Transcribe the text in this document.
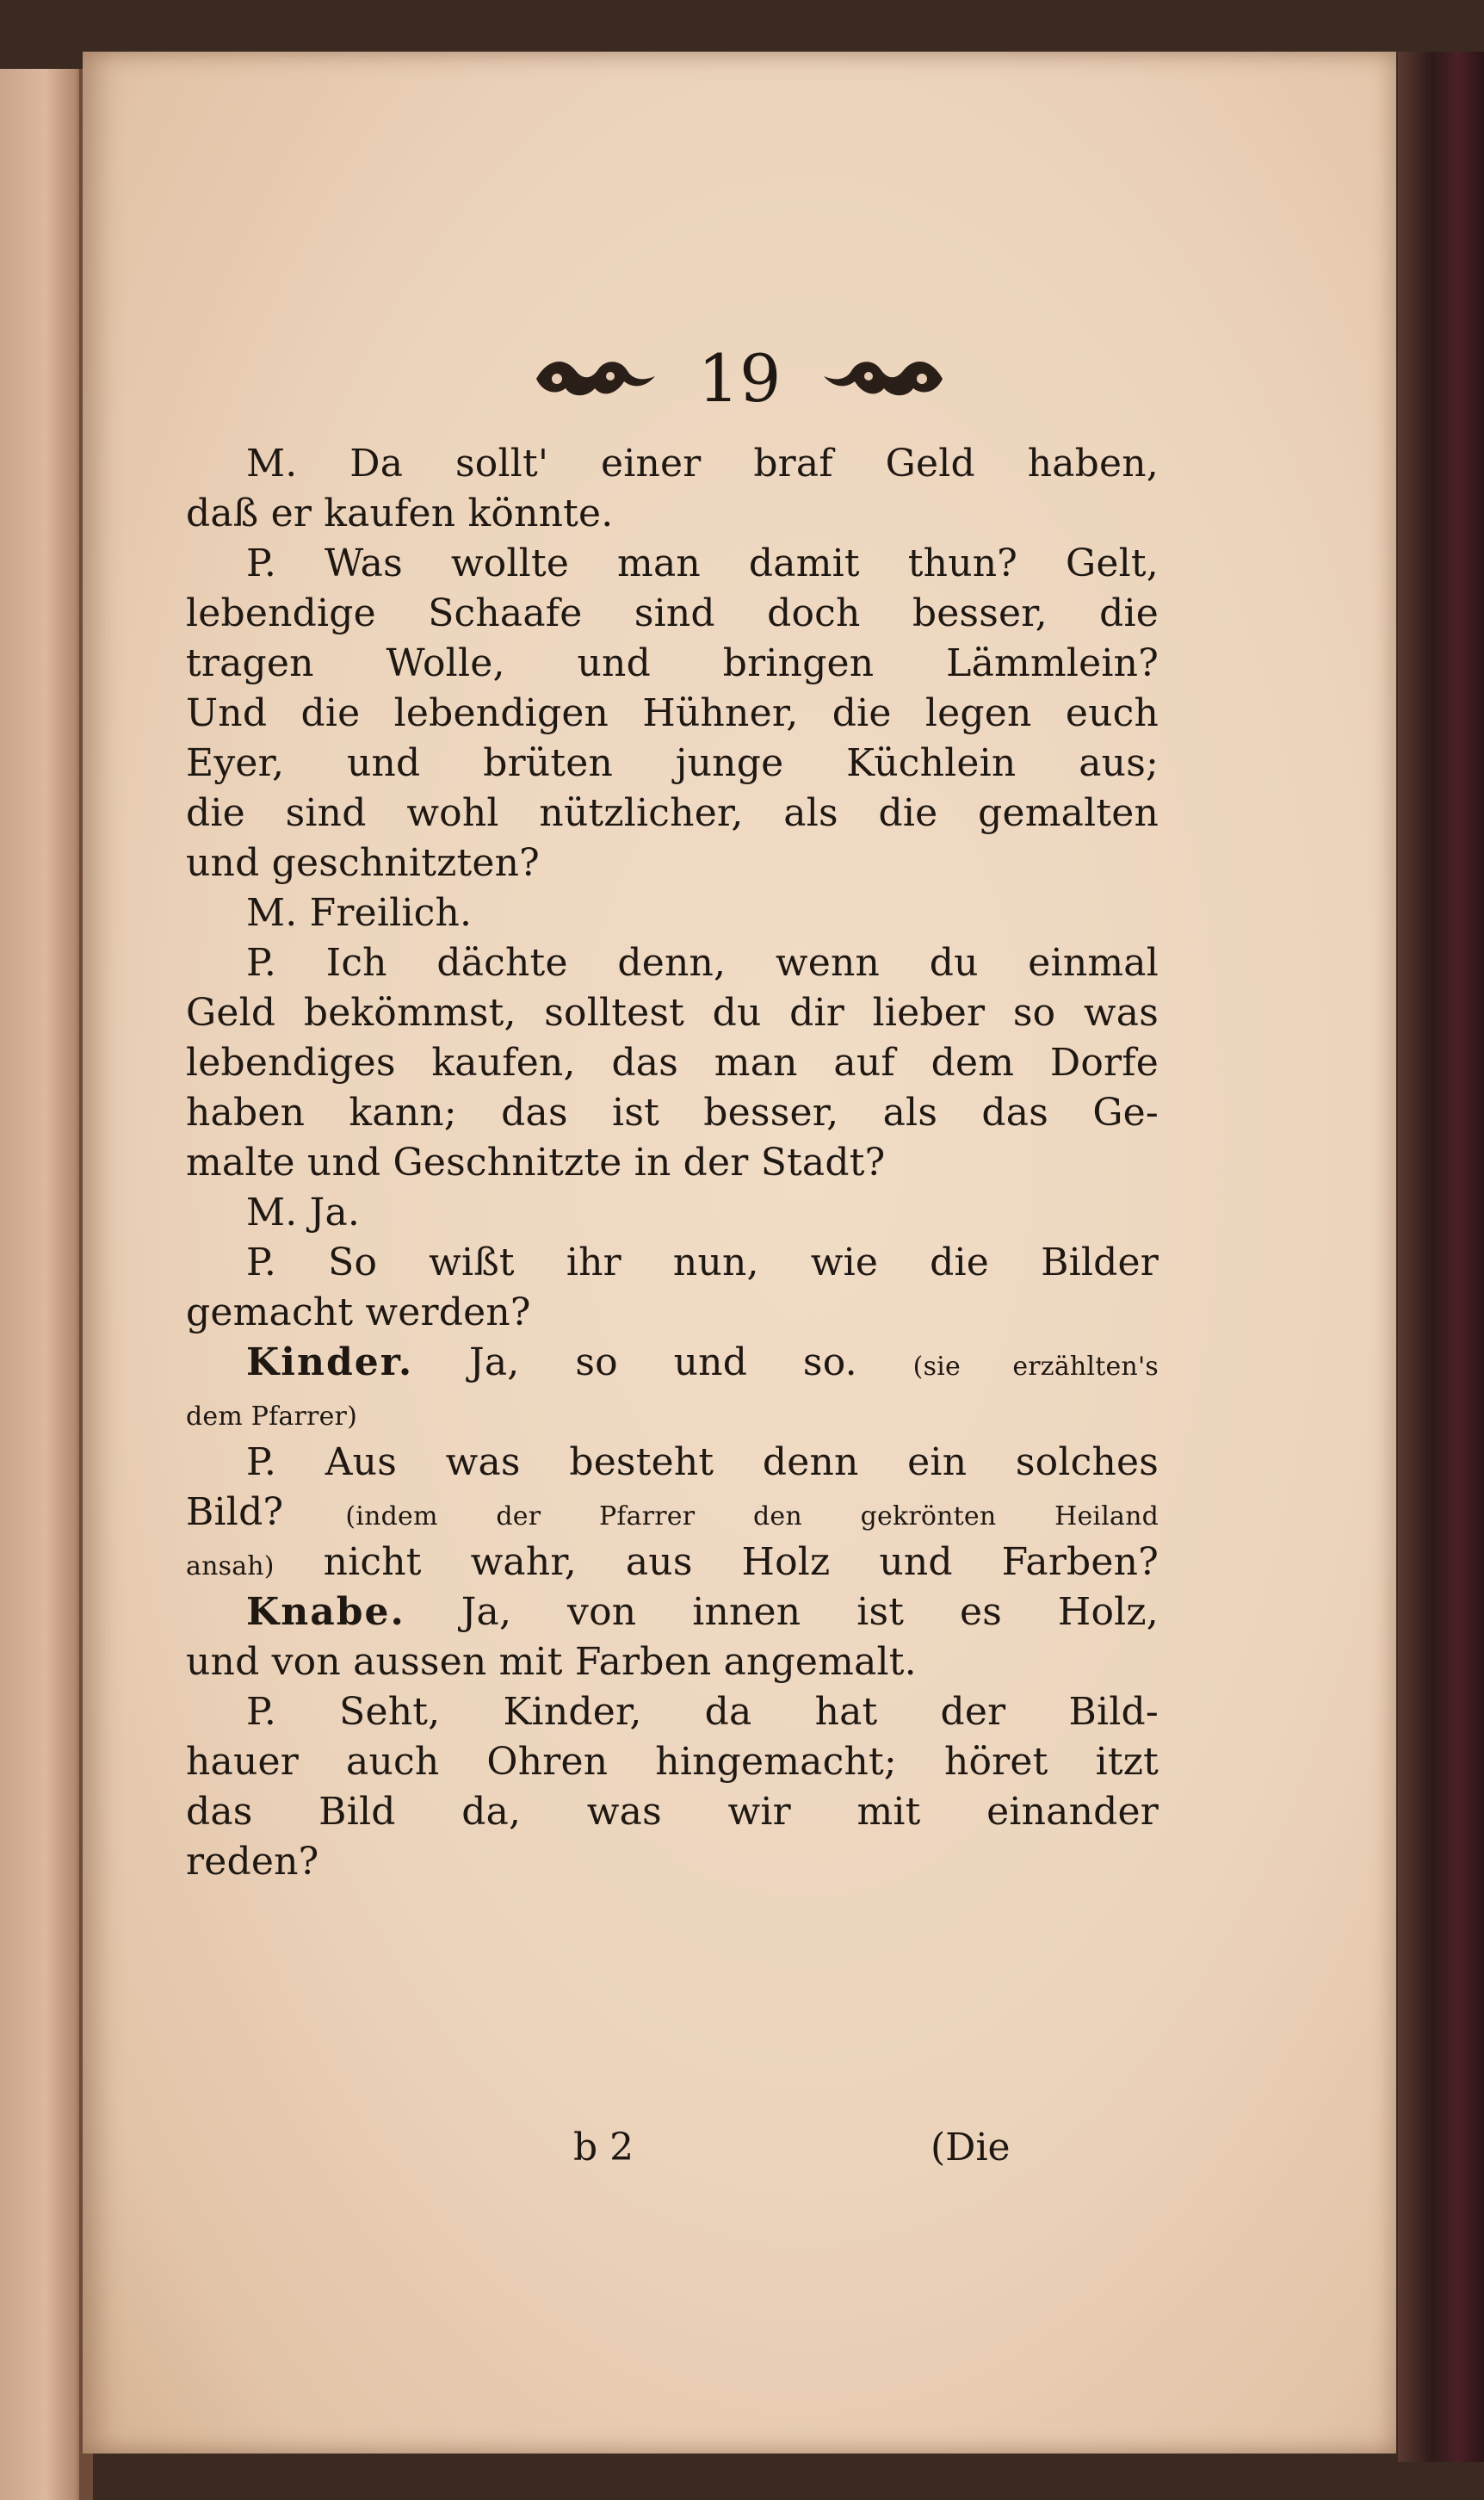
19
M. Da sollt' einer braf Geld haben,
daß er kaufen könnte.
P. Was wollte man damit thun? Gelt,
lebendige Schaafe sind doch besser, die
tragen Wolle, und bringen Lämmlein?
Und die lebendigen Hühner, die legen euch
Eyer, und brüten junge Küchlein aus;
die sind wohl nützlicher, als die gemalten
und geschnitzten?
M. Freilich.
P. Ich dächte denn, wenn du einmal
Geld bekömmst, solltest du dir lieber so was
lebendiges kaufen, das man auf dem Dorfe
haben kann; das ist besser, als das Ge-
malte und Geschnitzte in der Stadt?
M. Ja.
P. So wißt ihr nun, wie die Bilder
gemacht werden?
Kinder. Ja, so und so. (sie erzählten's
dem Pfarrer)
P. Aus was besteht denn ein solches
Bild? (indem der Pfarrer den gekrönten Heiland
ansah) nicht wahr, aus Holz und Farben?
Knabe. Ja, von innen ist es Holz,
und von aussen mit Farben angemalt.
P. Seht, Kinder, da hat der Bild-
hauer auch Ohren hingemacht; höret itzt
das Bild da, was wir mit einander
reden?
b 2	(Die
